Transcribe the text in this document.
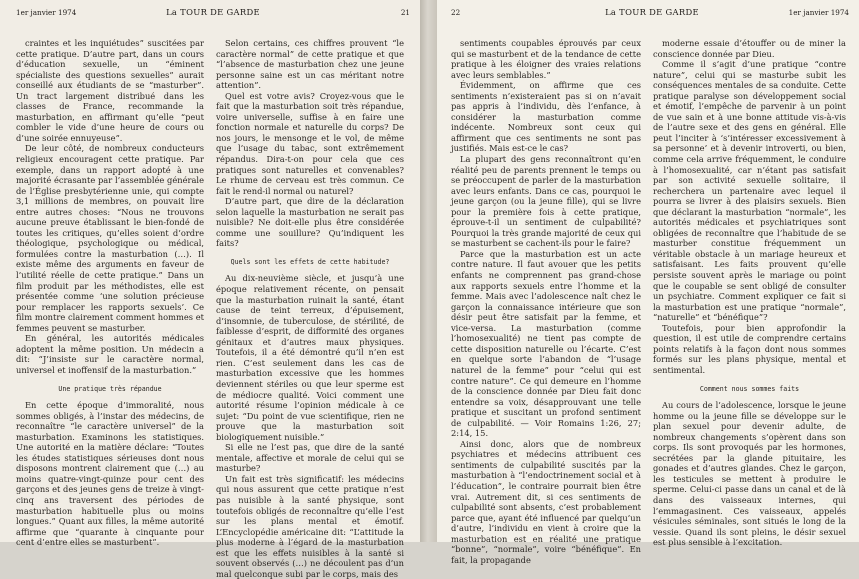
1er janvier 1974	La TOUR DE GARDE	21

craintes et les inquiétudes” suscitées par cette pratique. D’autre part, dans un cours d’éducation sexuelle, un “éminent spécialiste des questions sexuelles” aurait conseillé aux étudiants de se “masturber”. Un tract largement distribué dans les classes de France, recommande la masturbation, en affirmant qu’elle “peut combler le vide d’une heure de cours ou d’une soirée ennuyeuse”.

De leur côté, de nombreux conducteurs religieux encouragent cette pratique. Par exemple, dans un rapport adopté à une majorité écrasante par l’assemblée générale de l’Église presbytérienne unie, qui compte 3,1 millions de membres, on pouvait lire entre autres choses: “Nous ne trouvons aucune preuve établissant le bien-fondé de toutes les critiques, qu’elles soient d’ordre théologique, psychologique ou médical, formulées contre la masturbation (…). Il existe même des arguments en faveur de l’utilité réelle de cette pratique.” Dans un film produit par les méthodistes, elle est présentée comme ‘une solution précieuse pour remplacer les rapports sexuels’. Ce film montre clairement comment hommes et femmes peuvent se masturber.

En général, les autorités médicales adoptent la même position. Un médecin a dit: “J’insiste sur le caractère normal, universel et inoffensif de la masturbation.”

Une pratique très répandue

En cette époque d’immoralité, nous sommes obligés, à l’instar des médecins, de reconnaître “le caractère universel” de la masturbation. Examinons les statistiques. Une autorité en la matière déclare: “Toutes les études statistiques sérieuses dont nous disposons montrent clairement que (…) au moins quatre-vingt-quinze pour cent des garçons et des jeunes gens de treize à vingt-cinq ans traversent des périodes de masturbation habituelle plus ou moins longues.” Quant aux filles, la même autorité affirme que “quarante à cinquante pour cent d’entre elles se masturbent”.

Selon certains, ces chiffres prouvent “le caractère normal” de cette pratique et que “l’absence de masturbation chez une jeune personne saine est un cas méritant notre attention”.

Quel est votre avis? Croyez-vous que le fait que la masturbation soit très répandue, voire universelle, suffise à en faire une fonction normale et naturelle du corps? De nos jours, le mensonge et le vol, de même que l’usage du tabac, sont extrêmement répandus. Dira-t-on pour cela que ces pratiques sont naturelles et convenables? Le rhume de cerveau est très commun. Ce fait le rend-il normal ou naturel?

D’autre part, que dire de la déclaration selon laquelle la masturbation ne serait pas nuisible? Ne doit-elle plus être considérée comme une souillure? Qu’indiquent les faits?

Quels sont les effets de cette habitude?

Au dix-neuvième siècle, et jusqu’à une époque relativement récente, on pensait que la masturbation ruinait la santé, étant cause de teint terreux, d’épuisement, d’insomnie, de tuberculose, de stérilité, de faiblesse d’esprit, de difformité des organes génitaux et d’autres maux physiques. Toutefois, il a été démontré qu’il n’en est rien. C’est seulement dans les cas de masturbation excessive que les hommes deviennent stériles ou que leur sperme est de médiocre qualité. Voici comment une autorité résume l’opinion médicale à ce sujet: “Du point de vue scientifique, rien ne prouve que la masturbation soit biologiquement nuisible.”

Si elle ne l’est pas, que dire de la santé mentale, affective et morale de celui qui se masturbe?

Un fait est très significatif: les médecins qui nous assurent que cette pratique n’est pas nuisible à la santé physique, sont toutefois obligés de reconnaître qu’elle l’est sur les plans mental et émotif. L’Encyclopédie américaine dit: “L’attitude la plus moderne à l’égard de la masturbation est que les effets nuisibles à la santé si souvent observés (…) ne découlent pas d’un mal quelconque subi par le corps, mais des

22	La TOUR DE GARDE	1er janvier 1974

sentiments coupables éprouvés par ceux qui se masturbent et de la tendance de cette pratique à les éloigner des vraies relations avec leurs semblables.”

Évidemment, on affirme que ces sentiments n’existeraient pas si on n’avait pas appris à l’individu, dès l’enfance, à considérer la masturbation comme indécente. Nombreux sont ceux qui affirment que ces sentiments ne sont pas justifiés. Mais est-ce le cas?

La plupart des gens reconnaîtront qu’en réalité peu de parents prennent le temps ou se préoccupent de parler de la masturbation avec leurs enfants. Dans ce cas, pourquoi le jeune garçon (ou la jeune fille), qui se livre pour la première fois à cette pratique, éprouve-t-il un sentiment de culpabilité? Pourquoi la très grande majorité de ceux qui se masturbent se cachent-ils pour le faire?

Parce que la masturbation est un acte contre nature. Il faut avouer que les petits enfants ne comprennent pas grand-chose aux rapports sexuels entre l’homme et la femme. Mais avec l’adolescence naît chez le garçon la connaissance intérieure que son désir peut être satisfait par la femme, et vice-versa. La masturbation (comme l’homosexualité) ne tient pas compte de cette disposition naturelle ou l’écarte. C’est en quelque sorte l’abandon de “l’usage naturel de la femme” pour “celui qui est contre nature”. Ce qui demeure en l’homme de la conscience donnée par Dieu fait donc entendre sa voix, désapprouvant une telle pratique et suscitant un profond sentiment de culpabilité. — Voir Romains 1:26, 27; 2:14, 15.

Ainsi donc, alors que de nombreux psychiatres et médecins attribuent ces sentiments de culpabilité suscités par la masturbation à “l’endoctrinement social et à l’éducation”, le contraire pourrait bien être vrai. Autrement dit, si ces sentiments de culpabilité sont absents, c’est probablement parce que, ayant été influencé par quelqu’un d’autre, l’individu en vient à croire que la masturbation est en réalité une pratique “bonne”, “normale”, voire “bénéfique”. En fait, la propagande

moderne essaie d’étouffer ou de miner la conscience donnée par Dieu.

Comme il s’agit d’une pratique “contre nature”, celui qui se masturbe subit les conséquences mentales de sa conduite. Cette pratique paralyse son développement social et émotif, l’empêche de parvenir à un point de vue sain et à une bonne attitude vis-à-vis de l’autre sexe et des gens en général. Elle peut l’inciter à ‘s’intéresser excessivement à sa personne’ et à devenir introverti, ou bien, comme cela arrive fréquemment, le conduire à l’homosexualité, car n’étant pas satisfait par son activité sexuelle solitaire, il recherchera un partenaire avec lequel il pourra se livrer à des plaisirs sexuels. Bien que déclarant la masturbation “normale”, les autorités médicales et psychiatriques sont obligées de reconnaître que l’habitude de se masturber constitue fréquemment un véritable obstacle à un mariage heureux et satisfaisant. Les faits prouvent qu’elle persiste souvent après le mariage ou point que le coupable se sent obligé de consulter un psychiatre. Comment expliquer ce fait si la masturbation est une pratique “normale”, “naturelle” et “bénéfique”?

Toutefois, pour bien approfondir la question, il est utile de comprendre certains points relatifs à la façon dont nous sommes formés sur les plans physique, mental et sentimental.

Comment nous sommes faits

Au cours de l’adolescence, lorsque le jeune homme ou la jeune fille se développe sur le plan sexuel pour devenir adulte, de nombreux changements s’opèrent dans son corps. Ils sont provoqués par les hormones, secrétées par la glande pituitaire, les gonades et d’autres glandes. Chez le garçon, les testicules se mettent à produire le sperme. Celui-ci passe dans un canal et de là dans des vaisseaux internes, qui l’emmagasinent. Ces vaisseaux, appelés vésicules séminales, sont situés le long de la vessie. Quand ils sont pleins, le désir sexuel est plus sensible à l’excitation.
